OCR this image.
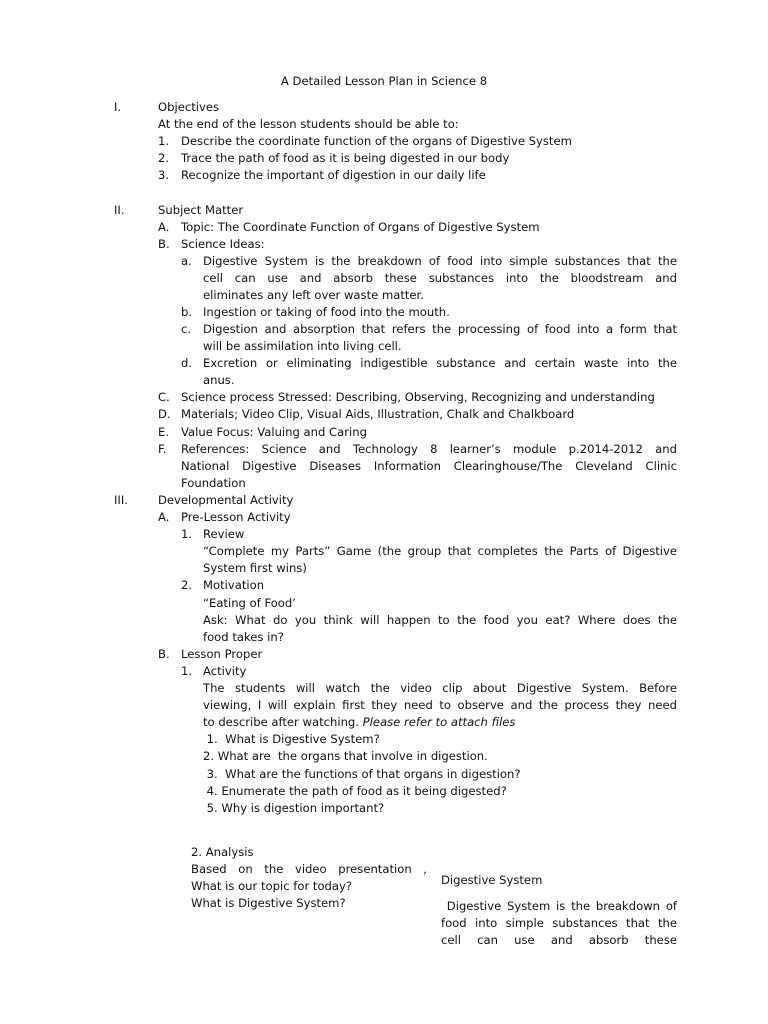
A Detailed Lesson Plan in Science 8
I.	Objectives
At the end of the lesson students should be able to:
1. Describe the coordinate function of the organs of Digestive System
2. Trace the path of food as it is being digested in our body
3. Recognize the important of digestion in our daily life
II.	Subject Matter
A. Topic: The Coordinate Function of Organs of Digestive System
B. Science Ideas:
a. Digestive System is the breakdown of food into simple substances that the
cell can use and absorb these substances into the bloodstream and
eliminates any left over waste matter.
b. Ingestion or taking of food into the mouth.
c. Digestion and absorption that refers the processing of food into a form that
will be assimilation into living cell.
d. Excretion or eliminating indigestible substance and certain waste into the
anus.
C. Science process Stressed: Describing, Observing, Recognizing and understanding
D. Materials; Video Clip, Visual Aids, Illustration, Chalk and Chalkboard
E. Value Focus: Valuing and Caring
F. References: Science and Technology 8 learner’s module p.2014-2012 and
National Digestive Diseases Information Clearinghouse/The Cleveland Clinic
Foundation
III.	Developmental Activity
A. Pre-Lesson Activity
1. Review
“Complete my Parts” Game (the group that completes the Parts of Digestive
System first wins)
2. Motivation
“Eating of Food’
Ask: What do you think will happen to the food you eat? Where does the
food takes in?
B. Lesson Proper
1. Activity
The students will watch the video clip about Digestive System. Before
viewing, I will explain first they need to observe and the process they need
to describe after watching. Please refer to attach files
1.  What is Digestive System?
2. What are  the organs that involve in digestion.
3.  What are the functions of that organs in digestion?
4. Enumerate the path of food as it being digested?
5. Why is digestion important?
2. Analysis
Based on the video presentation ,
What is our topic for today?
What is Digestive System?
Digestive System
Digestive System is the breakdown of
food into simple substances that the
cell can use and absorb these
